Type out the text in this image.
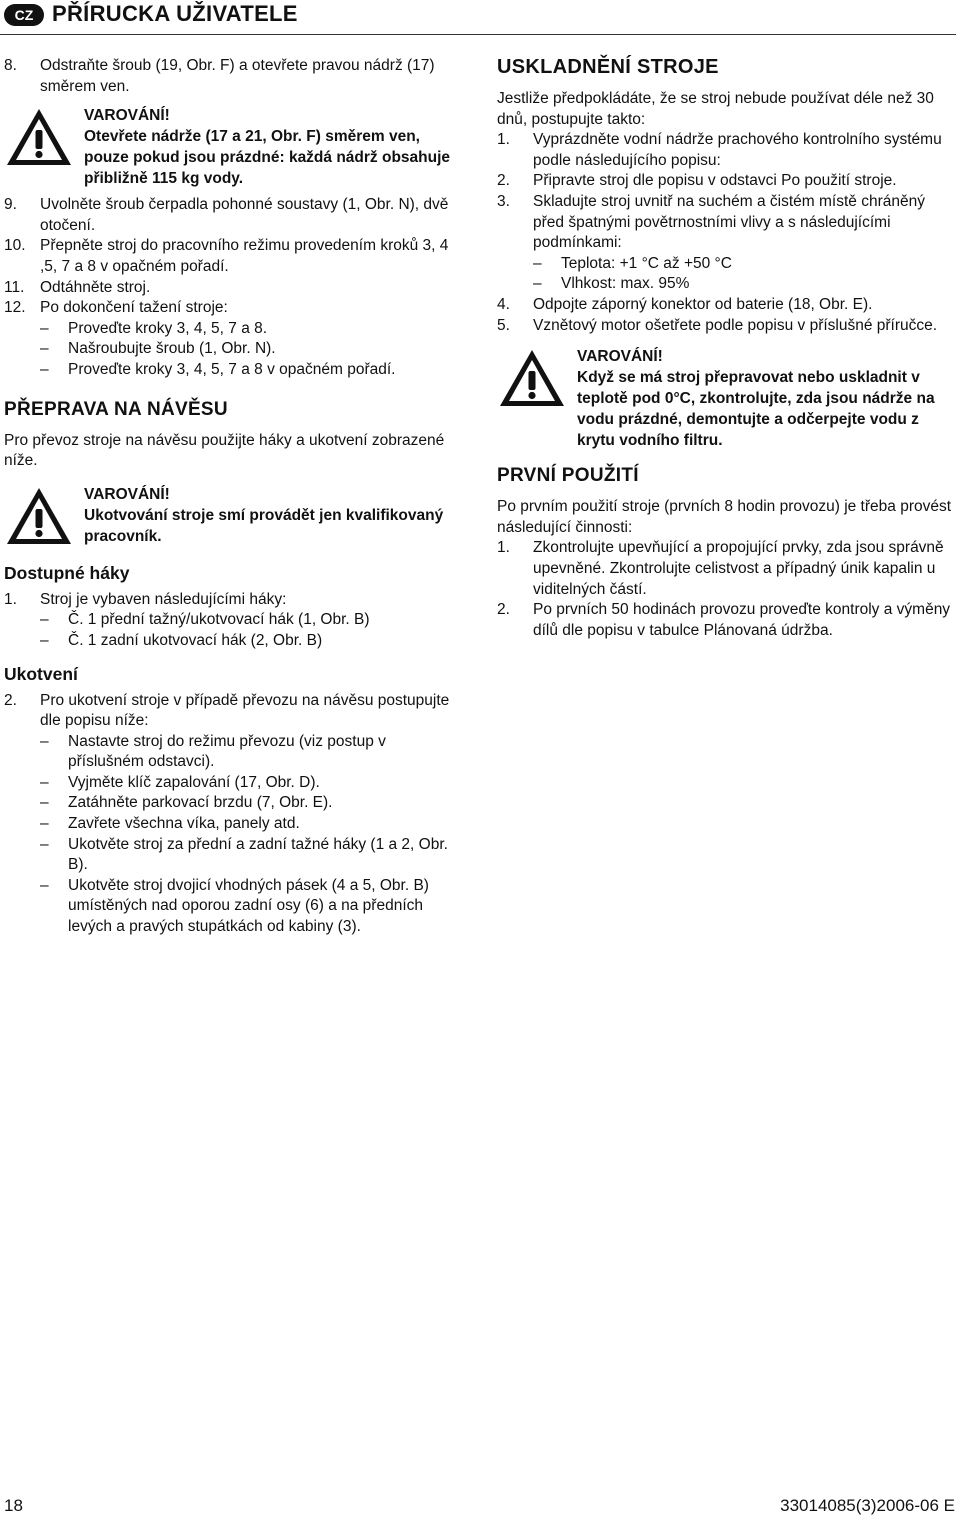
CZ PŘÍRUCKA UŽIVATELE
8.	Odstraňte šroub (19, Obr. F) a otevřete pravou nádrž (17) směrem ven.
VAROVÁNÍ!
Otevřete nádrže (17 a 21, Obr. F) směrem ven, pouze pokud jsou prázdné: každá nádrž obsahuje přibližně 115 kg vody.
9.	Uvolněte šroub čerpadla pohonné soustavy (1, Obr. N), dvě otočení.
10. Přepněte stroj do pracovního režimu provedením kroků 3, 4 ,5, 7 a 8 v opačném pořadí.
11.	Odtáhněte stroj.
12. Po dokončení tažení stroje:
–	Proveďte kroky 3, 4, 5, 7 a 8.
–	Našroubujte šroub (1, Obr. N).
–	Proveďte kroky 3, 4, 5, 7 a 8 v opačném pořadí.
PŘEPRAVA NA NÁVĚSU

Pro převoz stroje na návěsu použijte háky a ukotvení zobrazené níže.

VAROVÁNÍ!
Ukotvování stroje smí provádět jen kvalifikovaný pracovník.
Dostupné háky
1.	Stroj je vybaven následujícími háky:
–	Č. 1 přední tažný/ukotvovací hák (1, Obr. B)
–	Č. 1 zadní ukotvovací hák (2, Obr. B)
Ukotvení
2.	Pro ukotvení stroje v případě převozu na návěsu postupujte dle popisu níže:
–	Nastavte stroj do režimu převozu (viz postup v příslušném odstavci).
–	Vyjměte klíč zapalování (17, Obr. D).
–	Zatáhněte parkovací brzdu (7, Obr. E).
–	Zavřete všechna víka, panely atd.
–	Ukotvěte stroj za přední a zadní tažné háky (1 a 2, Obr. B).
–	Ukotvěte stroj dvojicí vhodných pásek (4 a 5, Obr. B) umístěných nad oporou zadní osy (6) a na předních levých a pravých stupátkách od kabiny (3).
USKLADNĚNÍ STROJE

Jestliže předpokládáte, že se stroj nebude používat déle než 30 dnů, postupujte takto:

1.	Vyprázdněte vodní nádrže prachového kontrolního systému podle následujícího popisu:
2.	Připravte stroj dle popisu v odstavci Po použití stroje.
3.	Skladujte stroj uvnitř na suchém a čistém místě chráněný před špatnými povětrnostními vlivy a s následujícími podmínkami:
–	Teplota: +1 °C až +50 °C
–	Vlhkost: max. 95%
4.	Odpojte záporný konektor od baterie (18, Obr. E).
5.	Vznětový motor ošetřete podle popisu v příslušné příručce.
VAROVÁNÍ!
Když se má stroj přepravovat nebo uskladnit v teplotě pod 0°C, zkontrolujte, zda jsou nádrže na vodu prázdné, demontujte a odčerpejte vodu z krytu vodního filtru.
PRVNÍ POUŽITÍ

Po prvním použití stroje (prvních 8 hodin provozu) je třeba provést následující činnosti:

1.	Zkontrolujte upevňující a propojující prvky, zda jsou správně upevněné. Zkontrolujte celistvost a případný únik kapalin u viditelných částí.
2.	Po prvních 50 hodinách provozu proveďte kontroly a výměny dílů dle popisu v tabulce Plánovaná údržba.
18	33014085(3)2006-06 E
